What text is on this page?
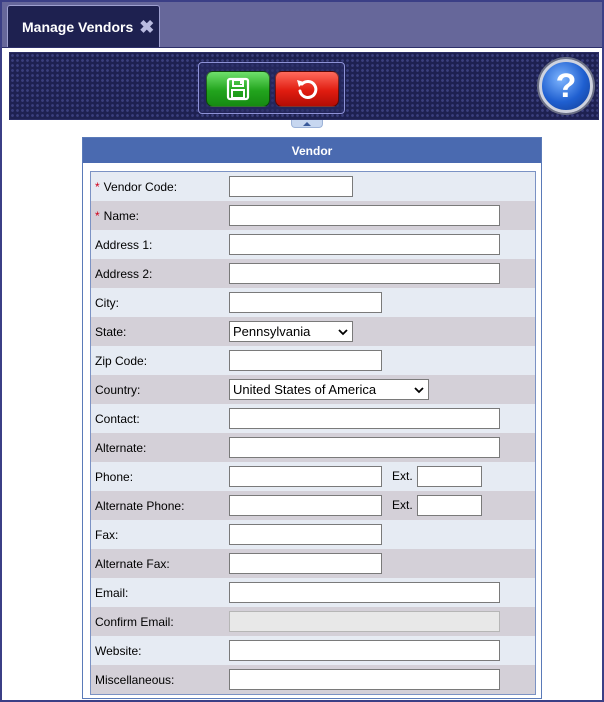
Manage Vendors ✖
?
Vendor
* Vendor Code:
* Name:
Address 1:
Address 2:
City:
State:	Pennsylvania
Zip Code:
Country:	United States of America
Contact:
Alternate:
Phone:	Ext.
Alternate Phone:	Ext.
Fax:
Alternate Fax:
Email:
Confirm Email:
Website:
Miscellaneous:
